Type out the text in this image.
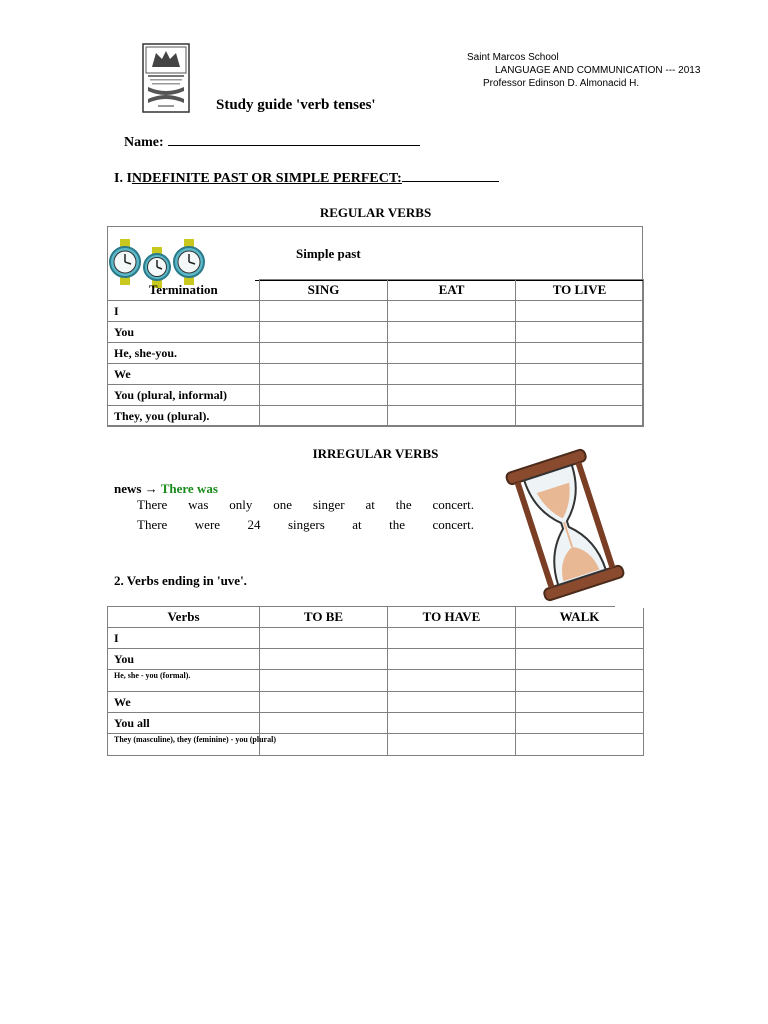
Saint Marcos School
LANGUAGE AND COMMUNICATION --- 2013
Professor Edinson D. Almonacid H.
Study guide 'verb tenses'
Name:
I. INDEFINITE PAST OR SIMPLE PERFECT:
REGULAR VERBS
Simple past
Termination	SING	EAT	TO LIVE
I			
You			
He, she-you.			
We			
You (plural, informal)			
They, you (plural).			
IRREGULAR VERBS
news → There was
There was only one singer at the concert.
There were 24 singers at the concert.
2. Verbs ending in 'uve'.
Verbs	TO BE	TO HAVE	WALK
I			
You			
He, she - you (formal).			
We			
You all			
They (masculine), they (feminine) - you (plural)			
